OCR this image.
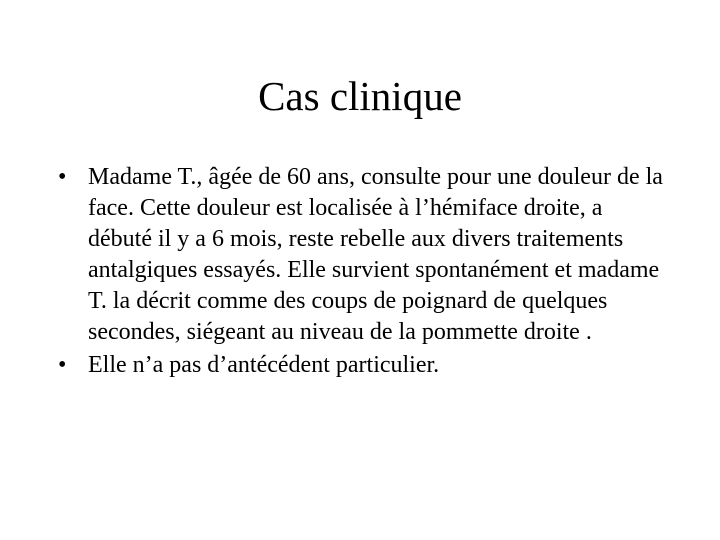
Cas clinique
• Madame T., âgée de 60 ans, consulte pour une douleur de la face. Cette douleur est localisée à l’hémiface droite, a débuté il y a 6 mois, reste rebelle aux divers traitements antalgiques essayés. Elle survient spontanément et madame T. la décrit comme des coups de poignard de quelques secondes, siégeant au niveau de la pommette droite .
• Elle n’a pas d’antécédent particulier.
